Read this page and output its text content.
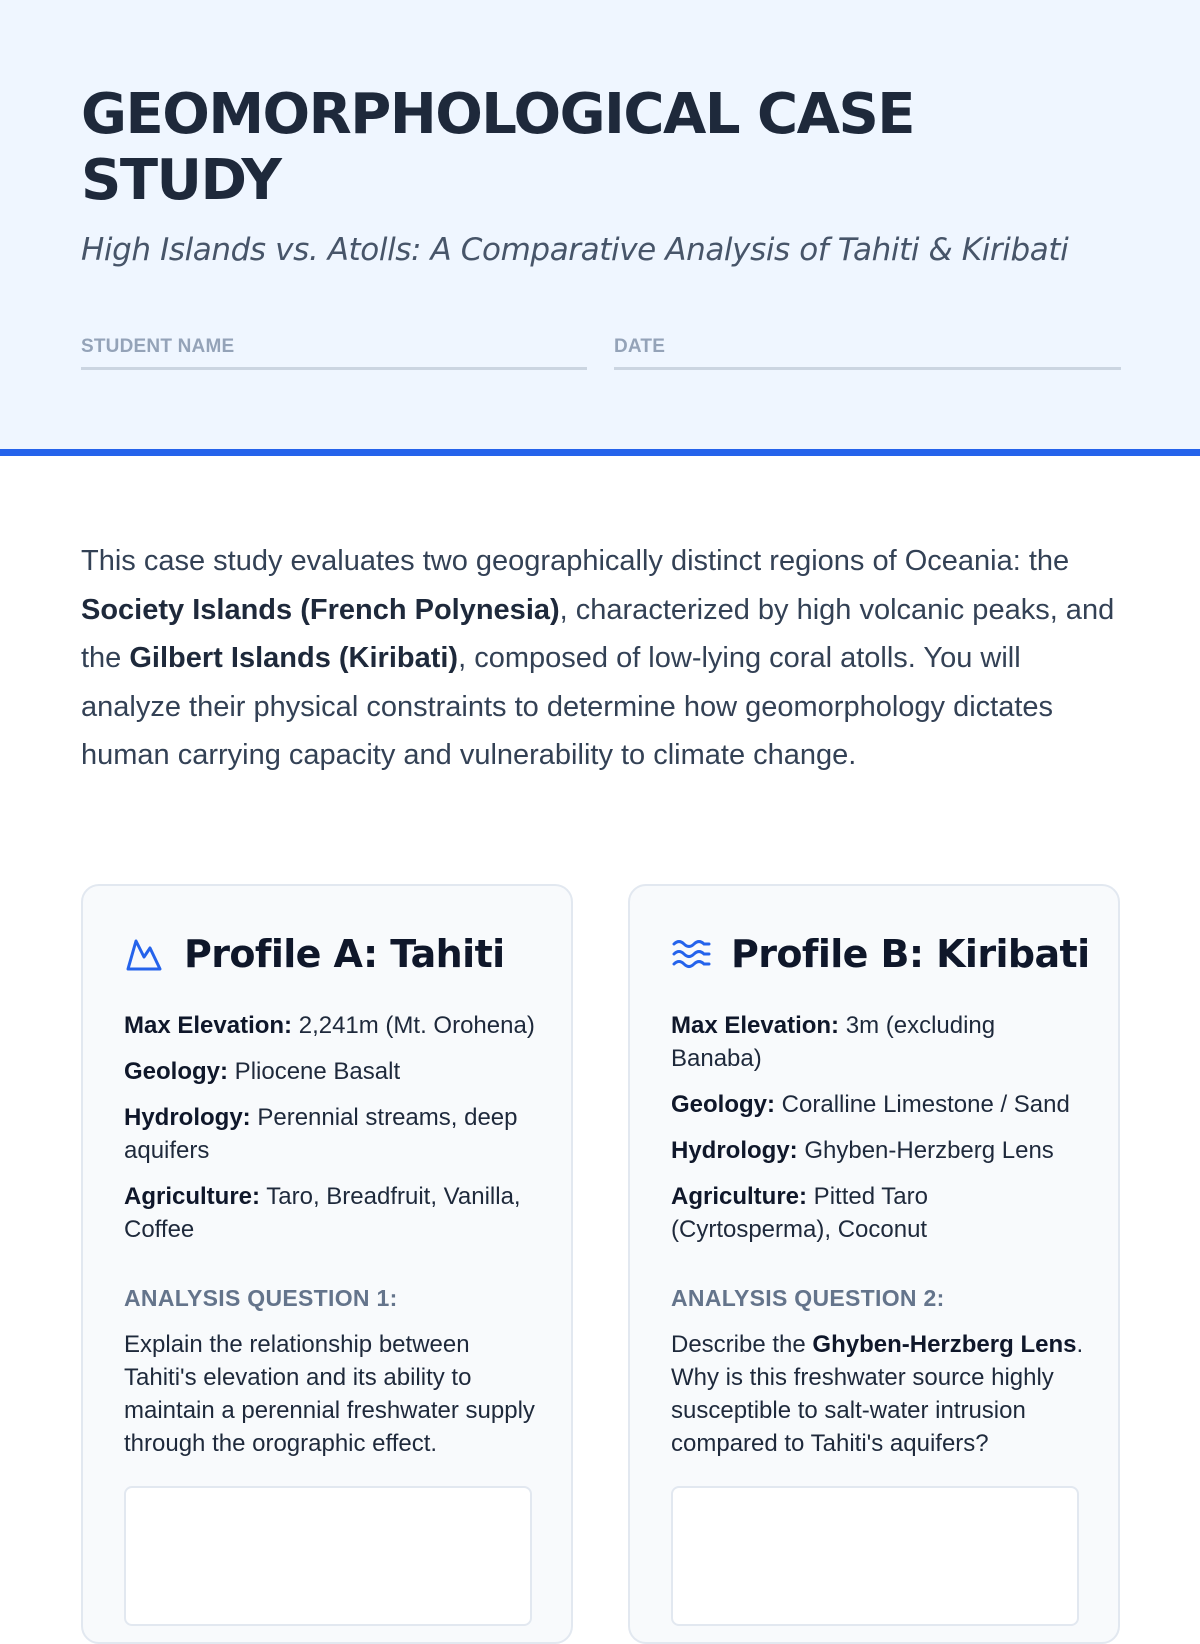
GEOMORPHOLOGICAL CASE STUDY
High Islands vs. Atolls: A Comparative Analysis of Tahiti & Kiribati
STUDENT NAME	DATE

This case study evaluates two geographically distinct regions of Oceania: the Society Islands (French Polynesia), characterized by high volcanic peaks, and the Gilbert Islands (Kiribati), composed of low-lying coral atolls. You will analyze their physical constraints to determine how geomorphology dictates human carrying capacity and vulnerability to climate change.

Profile A: Tahiti
Max Elevation: 2,241m (Mt. Orohena)
Geology: Pliocene Basalt
Hydrology: Perennial streams, deep aquifers
Agriculture: Taro, Breadfruit, Vanilla, Coffee
ANALYSIS QUESTION 1:
Explain the relationship between Tahiti's elevation and its ability to maintain a perennial freshwater supply through the orographic effect.
Profile B: Kiribati
Max Elevation: 3m (excluding Banaba)
Geology: Coralline Limestone / Sand
Hydrology: Ghyben-Herzberg Lens
Agriculture: Pitted Taro (Cyrtosperma), Coconut
ANALYSIS QUESTION 2:
Describe the Ghyben-Herzberg Lens. Why is this freshwater source highly susceptible to salt-water intrusion compared to Tahiti's aquifers?
